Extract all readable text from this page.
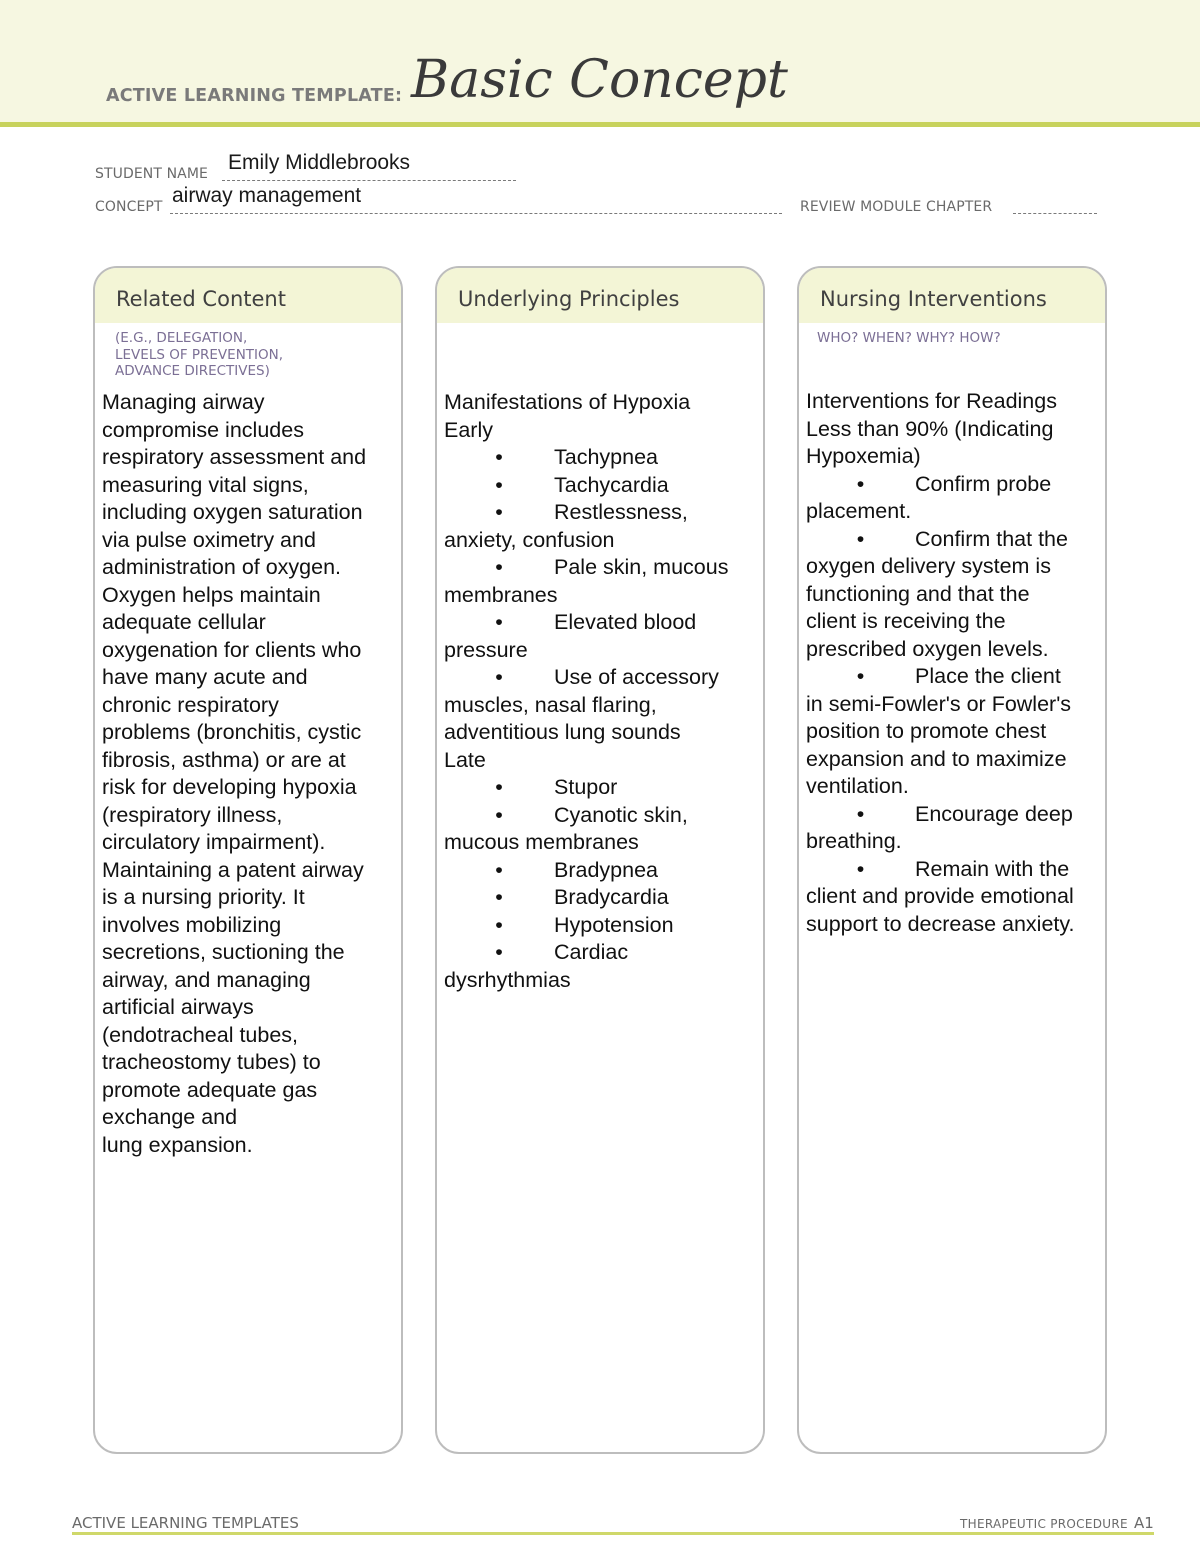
ACTIVE LEARNING TEMPLATE: Basic Concept
STUDENT NAME Emily Middlebrooks
CONCEPT airway management	REVIEW MODULE CHAPTER
Related Content
(E.G., DELEGATION,
LEVELS OF PREVENTION,
ADVANCE DIRECTIVES)
Managing airway
compromise includes
respiratory assessment and
measuring vital signs,
including oxygen saturation
via pulse oximetry and
administration of oxygen.
Oxygen helps maintain
adequate cellular
oxygenation for clients who
have many acute and
chronic respiratory
problems (bronchitis, cystic
fibrosis, asthma) or are at
risk for developing hypoxia
(respiratory illness,
circulatory impairment).
Maintaining a patent airway
is a nursing priority. It
involves mobilizing
secretions, suctioning the
airway, and managing
artificial airways
(endotracheal tubes,
tracheostomy tubes) to
promote adequate gas
exchange and
lung expansion.
Underlying Principles
Manifestations of Hypoxia
Early
• Tachypnea
• Tachycardia
• Restlessness,
anxiety, confusion
• Pale skin, mucous
membranes
• Elevated blood
pressure
• Use of accessory
muscles, nasal flaring,
adventitious lung sounds
Late
• Stupor
• Cyanotic skin,
mucous membranes
• Bradypnea
• Bradycardia
• Hypotension
• Cardiac
dysrhythmias
Nursing Interventions
WHO? WHEN? WHY? HOW?
Interventions for Readings
Less than 90% (Indicating
Hypoxemia)
• Confirm probe
placement.
• Confirm that the
oxygen delivery system is
functioning and that the
client is receiving the
prescribed oxygen levels.
• Place the client
in semi-Fowler's or Fowler's
position to promote chest
expansion and to maximize
ventilation.
• Encourage deep
breathing.
• Remain with the
client and provide emotional
support to decrease anxiety.
ACTIVE LEARNING TEMPLATES	THERAPEUTIC PROCEDURE A1
